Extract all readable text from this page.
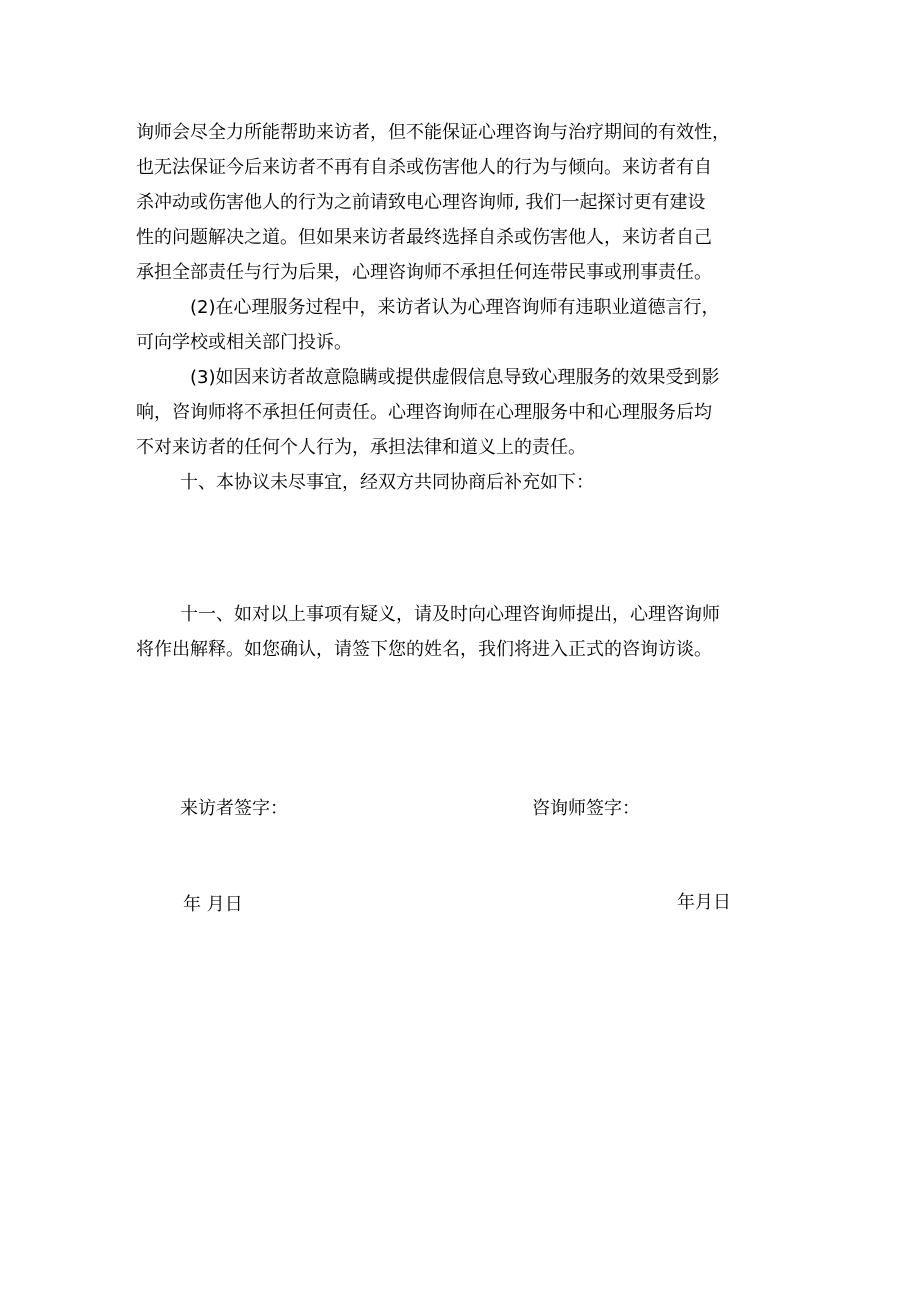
询师会尽全力所能帮助来访者，但不能保证心理咨询与治疗期间的有效性，
也无法保证今后来访者不再有自杀或伤害他人的行为与倾向。来访者有自
杀冲动或伤害他人的行为之前请致电心理咨询师, 我们一起探讨更有建设
性的问题解决之道。但如果来访者最终选择自杀或伤害他人，来访者自己
承担全部责任与行为后果，心理咨询师不承担任何连带民事或刑事责任。
(2)在心理服务过程中，来访者认为心理咨询师有违职业道德言行，
可向学校或相关部门投诉。
(3)如因来访者故意隐瞒或提供虚假信息导致心理服务的效果受到影
响，咨询师将不承担任何责任。心理咨询师在心理服务中和心理服务后均
不对来访者的任何个人行为，承担法律和道义上的责任。
十、本协议未尽事宜，经双方共同协商后补充如下：
十一、如对以上事项有疑义，请及时向心理咨询师提出，心理咨询师
将作出解释。如您确认，请签下您的姓名，我们将进入正式的咨询访谈。
来访者签字：	咨询师签字：
年 月日	年月日
